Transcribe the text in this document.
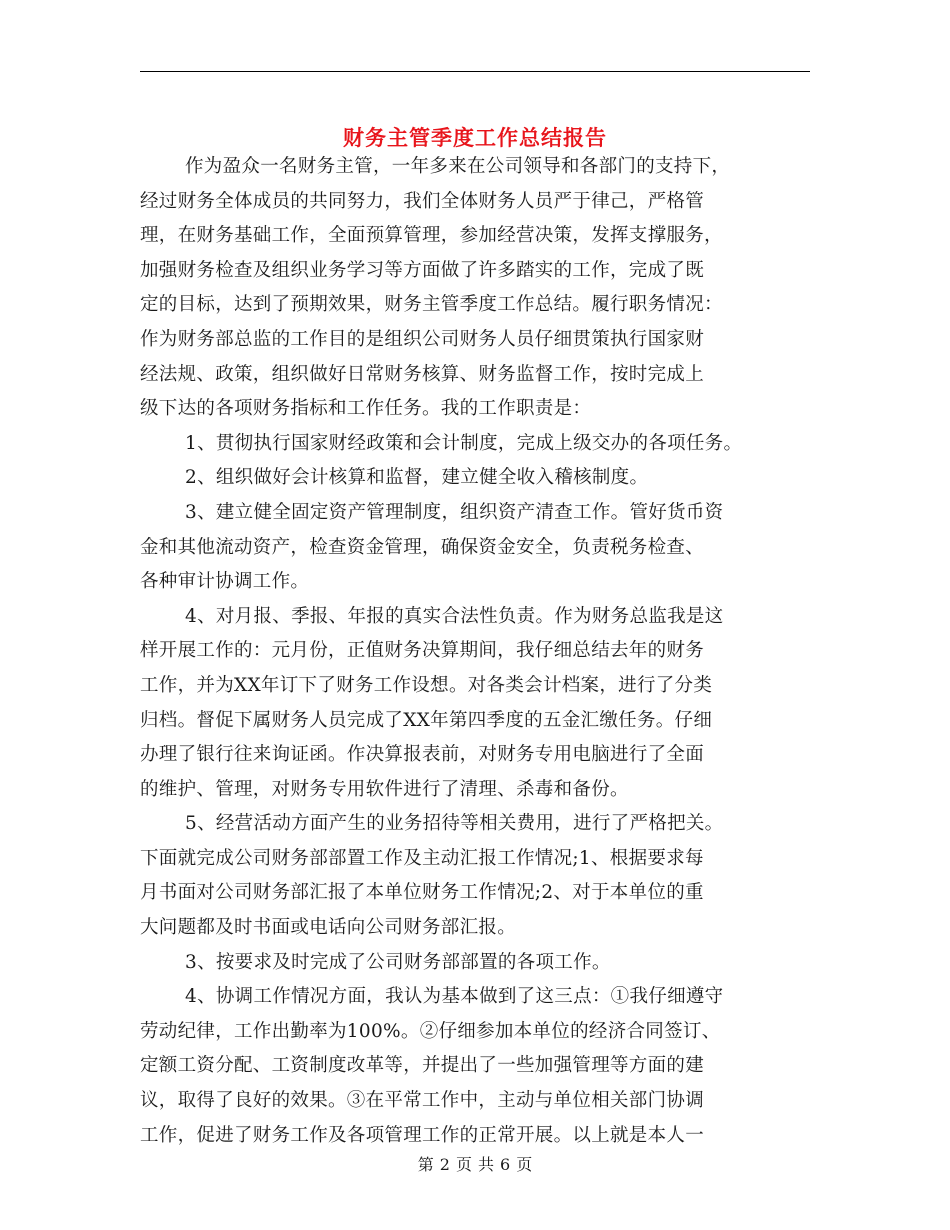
财务主管季度工作总结报告
作为盈众一名财务主管，一年多来在公司领导和各部门的支持下，
经过财务全体成员的共同努力，我们全体财务人员严于律己，严格管
理，在财务基础工作，全面预算管理，参加经营决策，发挥支撑服务，
加强财务检查及组织业务学习等方面做了许多踏实的工作，完成了既
定的目标，达到了预期效果，财务主管季度工作总结。履行职务情况：
作为财务部总监的工作目的是组织公司财务人员仔细贯策执行国家财
经法规、政策，组织做好日常财务核算、财务监督工作，按时完成上
级下达的各项财务指标和工作任务。我的工作职责是：
1、贯彻执行国家财经政策和会计制度，完成上级交办的各项任务。
2、组织做好会计核算和监督，建立健全收入稽核制度。
3、建立健全固定资产管理制度，组织资产清查工作。管好货币资
金和其他流动资产，检查资金管理，确保资金安全，负责税务检查、
各种审计协调工作。
4、对月报、季报、年报的真实合法性负责。作为财务总监我是这
样开展工作的：元月份，正值财务决算期间，我仔细总结去年的财务
工作，并为XX年订下了财务工作设想。对各类会计档案，进行了分类
归档。督促下属财务人员完成了XX年第四季度的五金汇缴任务。仔细
办理了银行往来询证函。作决算报表前，对财务专用电脑进行了全面
的维护、管理，对财务专用软件进行了清理、杀毒和备份。
5、经营活动方面产生的业务招待等相关费用，进行了严格把关。
下面就完成公司财务部部置工作及主动汇报工作情况;1、根据要求每
月书面对公司财务部汇报了本单位财务工作情况;2、对于本单位的重
大问题都及时书面或电话向公司财务部汇报。
3、按要求及时完成了公司财务部部置的各项工作。
4、协调工作情况方面，我认为基本做到了这三点：①我仔细遵守
劳动纪律，工作出勤率为100%。②仔细参加本单位的经济合同签订、
定额工资分配、工资制度改革等，并提出了一些加强管理等方面的建
议，取得了良好的效果。③在平常工作中，主动与单位相关部门协调
工作，促进了财务工作及各项管理工作的正常开展。以上就是本人一
第 2 页 共 6 页
